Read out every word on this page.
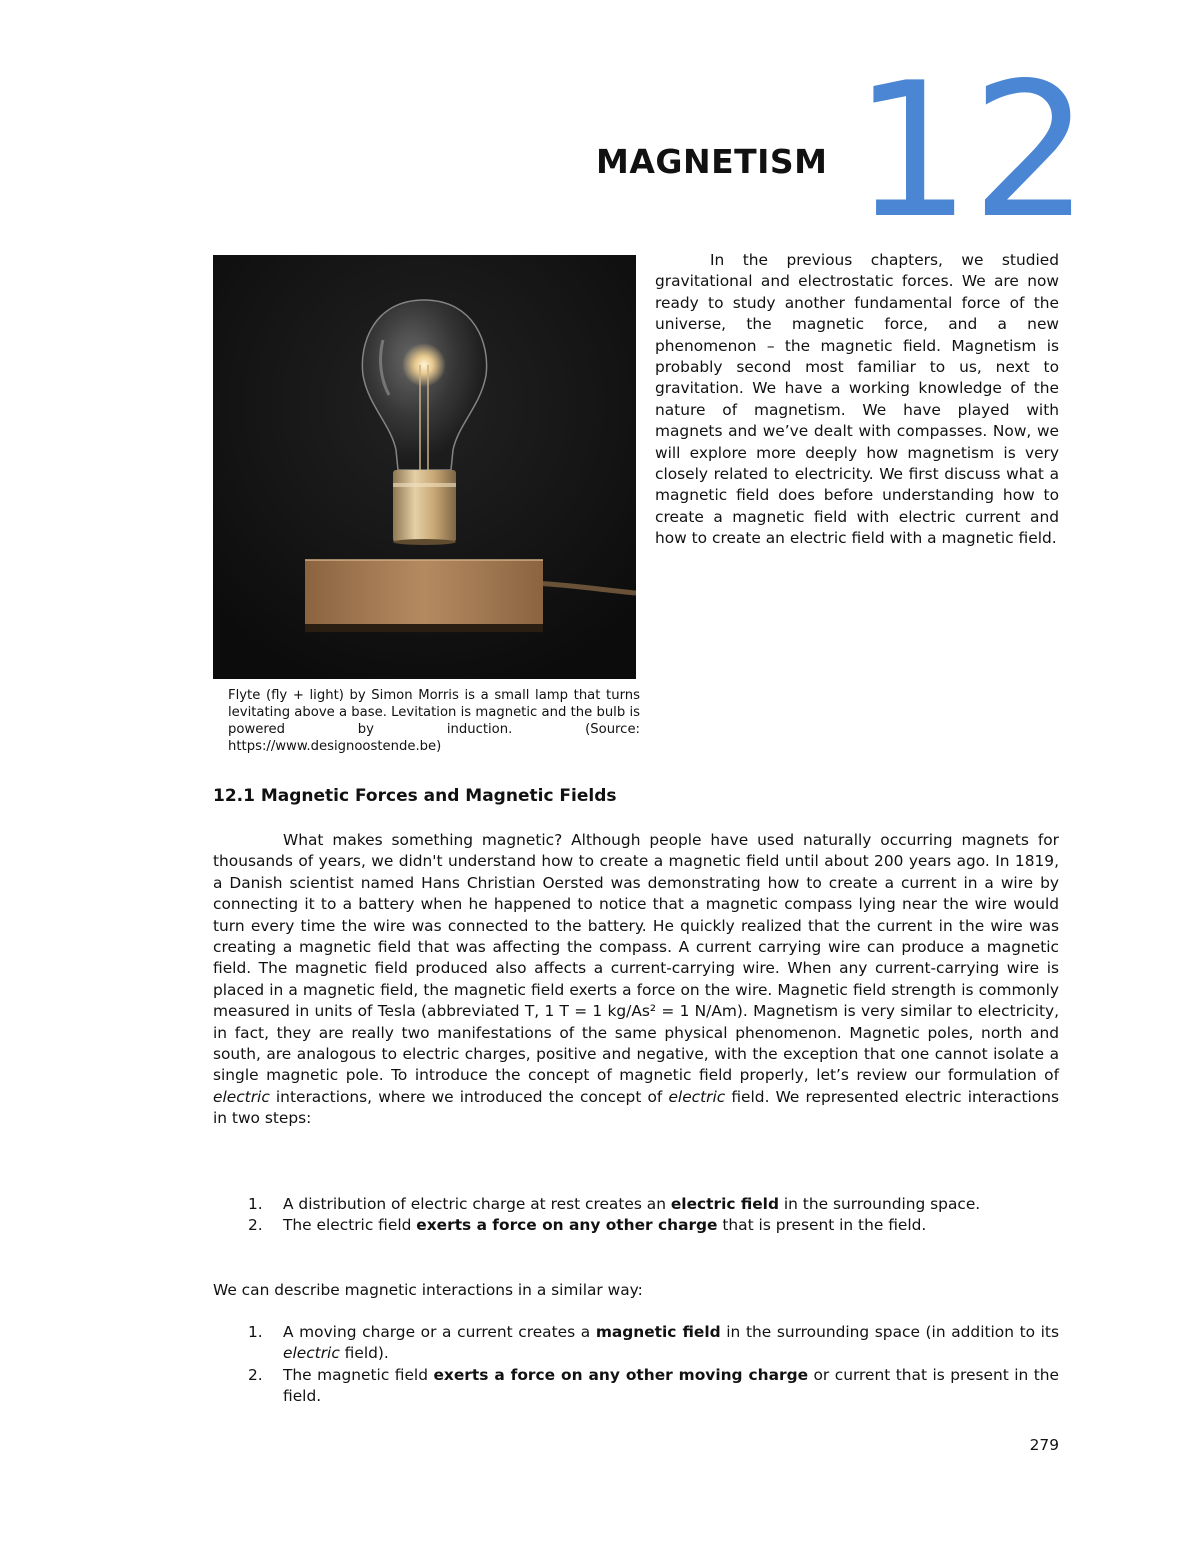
MAGNETISM 12

Flyte (fly + light) by Simon Morris is a small lamp that turns levitating above a base. Levitation is magnetic and the bulb is powered by induction. (Source: https://www.designoostende.be)

In the previous chapters, we studied gravitational and electrostatic forces. We are now ready to study another fundamental force of the universe, the magnetic force, and a new phenomenon – the magnetic field. Magnetism is probably second most familiar to us, next to gravitation. We have a working knowledge of the nature of magnetism. We have played with magnets and we’ve dealt with compasses. Now, we will explore more deeply how magnetism is very closely related to electricity. We first discuss what a magnetic field does before understanding how to create a magnetic field with electric current and how to create an electric field with a magnetic field.

12.1 Magnetic Forces and Magnetic Fields

What makes something magnetic? Although people have used naturally occurring magnets for thousands of years, we didn't understand how to create a magnetic field until about 200 years ago. In 1819, a Danish scientist named Hans Christian Oersted was demonstrating how to create a current in a wire by connecting it to a battery when he happened to notice that a magnetic compass lying near the wire would turn every time the wire was connected to the battery. He quickly realized that the current in the wire was creating a magnetic field that was affecting the compass. A current carrying wire can produce a magnetic field. The magnetic field produced also affects a current-carrying wire. When any current-carrying wire is placed in a magnetic field, the magnetic field exerts a force on the wire. Magnetic field strength is commonly measured in units of Tesla (abbreviated T, 1 T = 1 kg/As² = 1 N/Am). Magnetism is very similar to electricity, in fact, they are really two manifestations of the same physical phenomenon. Magnetic poles, north and south, are analogous to electric charges, positive and negative, with the exception that one cannot isolate a single magnetic pole. To introduce the concept of magnetic field properly, let’s review our formulation of electric interactions, where we introduced the concept of electric field. We represented electric interactions in two steps:

1. A distribution of electric charge at rest creates an electric field in the surrounding space.
2. The electric field exerts a force on any other charge that is present in the field.

We can describe magnetic interactions in a similar way:

1. A moving charge or a current creates a magnetic field in the surrounding space (in addition to its electric field).
2. The magnetic field exerts a force on any other moving charge or current that is present in the field.
279
